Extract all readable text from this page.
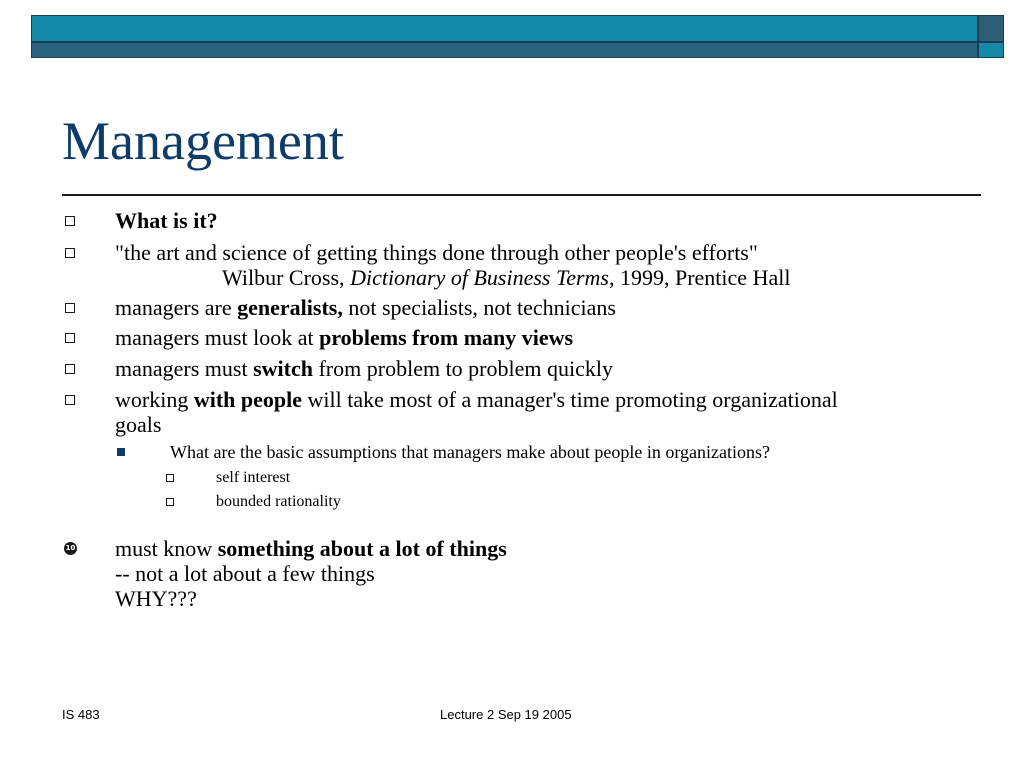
Management
What is it?
"the art and science of getting things done through other people's efforts"
Wilbur Cross, Dictionary of Business Terms, 1999, Prentice Hall
managers are generalists, not specialists, not technicians
managers must look at problems from many views
managers must switch from problem to problem quickly
working with people will take most of a manager's time promoting organizational
goals
What are the basic assumptions that managers make about people in organizations?
self interest
bounded rationality
10 must know something about a lot of things
-- not a lot about a few things
WHY???
IS 483	Lecture 2 Sep 19 2005
